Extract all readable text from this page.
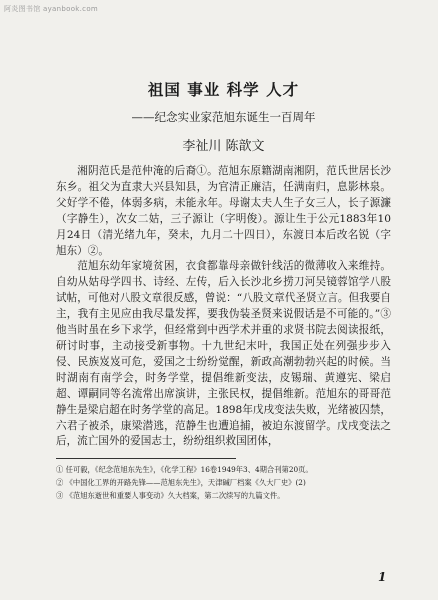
阿炎图书馆 ayanbook.com
祖国 事业 科学 人才
——纪念实业家范旭东诞生一百周年
李祉川 陈歆文

湘阴范氏是范仲淹的后裔①。范旭东原籍湖南湘阴，范氏世居长沙东乡。祖父为直隶大兴县知县，为官清正廉洁，任满南归，息影林泉。父好学不倦，体弱多病，未能永年。母谢太夫人生子女三人，长子源濂（字静生），次女二姑，三子源让（字明俊）。源让生于公元1883年10月24日（清光绪九年，癸未，九月二十四日），东渡日本后改名锐（字旭东）②。

范旭东幼年家境贫困，衣食都靠母亲做针线活的微薄收入来维持。自幼从姑母学四书、诗经、左传，后入长沙北乡捞刀河吴镜蓉馆学八股试帖，可他对八股文章很反感，曾说：“八股文章代圣贤立言。但我要自主，我有主见应由我尽量发挥，要我伪装圣贤来说假话是不可能的。”③他当时虽在乡下求学，但经常到中西学术并重的求贤书院去阅读报纸，研讨时事，主动接受新事物。十九世纪末叶，我国正处在列强步步入侵、民族岌岌可危，爱国之士纷纷觉醒，新政高潮勃勃兴起的时候。当时湖南有南学会，时务学堂，提倡维新变法，皮锡瑞、黄遵宪、梁启超、谭嗣同等名流常出席演讲，主张民权，提倡维新。范旭东的哥哥范静生是梁启超在时务学堂的高足。1898年戊戌变法失败，光绪被囚禁，六君子被杀，康梁潜逃，范静生也遭追捕，被迫东渡留学。戊戌变法之后，流亡国外的爱国志士，纷纷组织救国团体，

① 任可毅，《纪念范旭东先生》，《化学工程》16卷1949年3、4期合刊第20页。
② 《中国化工界的开路先锋——范旭东先生》，天津碱厂档案《久大厂史》(2)
③ 《范旭东逝世和重要人事变动》久大档案，第二次续写的九篇文件。
1
